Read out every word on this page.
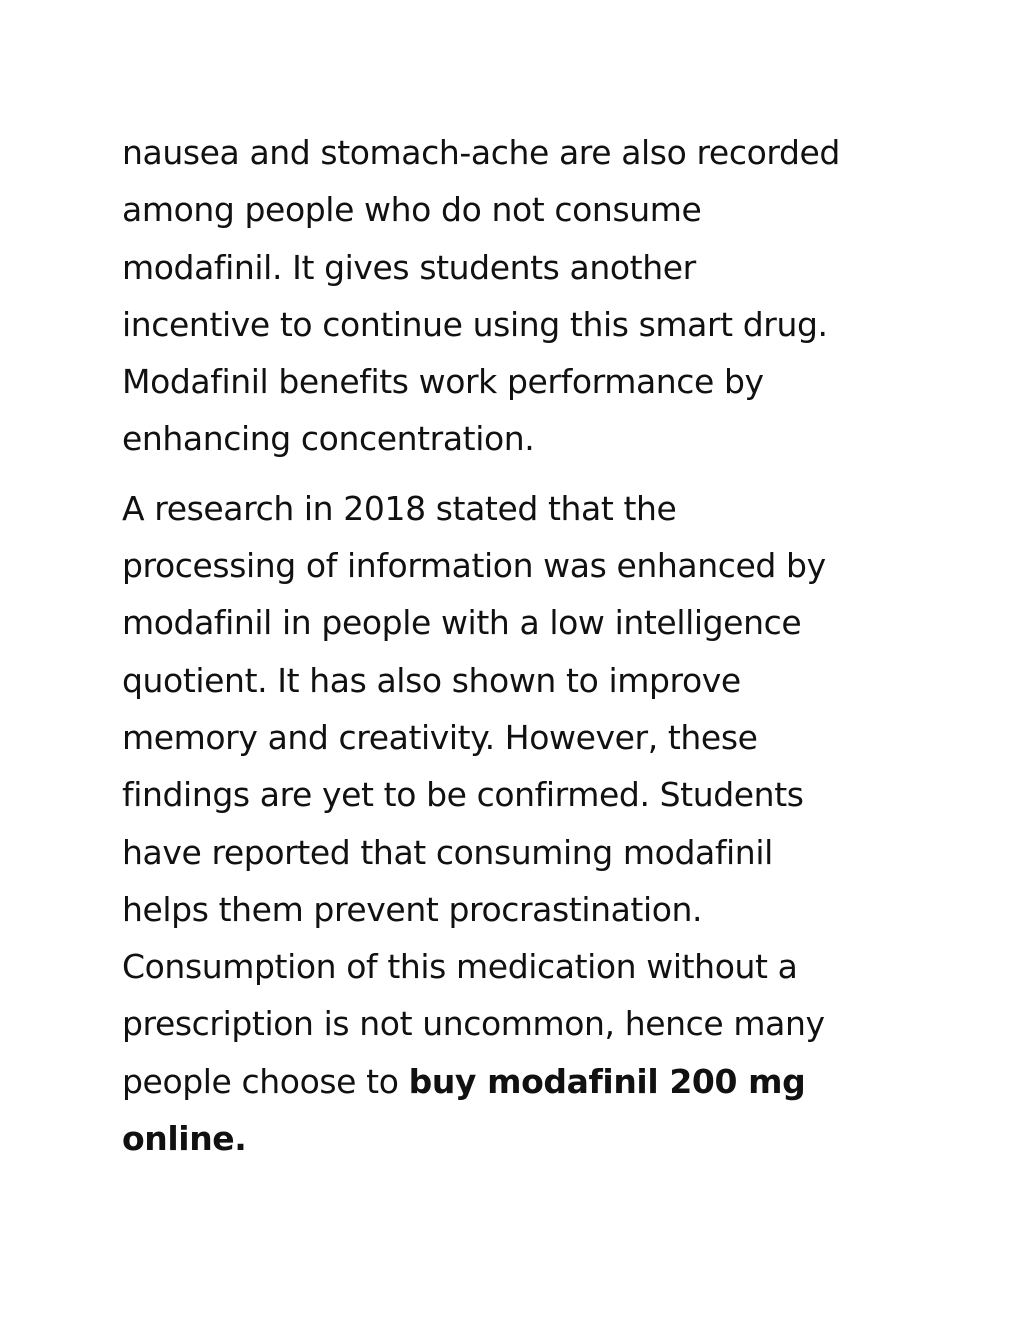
nausea and stomach-ache are also recorded
among people who do not consume
modafinil. It gives students another
incentive to continue using this smart drug.
Modafinil benefits work performance by
enhancing concentration.
A research in 2018 stated that the
processing of information was enhanced by
modafinil in people with a low intelligence
quotient. It has also shown to improve
memory and creativity. However, these
findings are yet to be confirmed. Students
have reported that consuming modafinil
helps them prevent procrastination.
Consumption of this medication without a
prescription is not uncommon, hence many
people choose to buy modafinil 200 mg
online.
